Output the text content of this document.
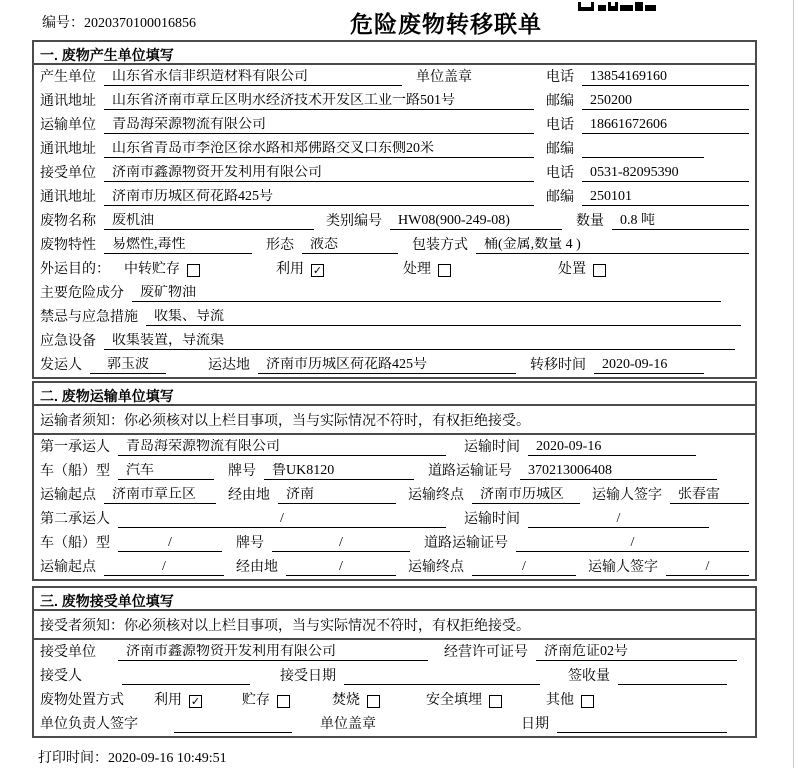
编号：2020370100016856	危险废物转移联单
一. 废物产生单位填写
产生单位	山东省永信非织造材料有限公司	单位盖章	电话	13854169160
通讯地址	山东省济南市章丘区明水经济技术开发区工业一路501号	邮编	250200
运输单位	青岛海荣源物流有限公司	电话	18661672606
通讯地址	山东省青岛市李沧区徐水路和郑佛路交叉口东侧20米	邮编
接受单位	济南市鑫源物资开发利用有限公司	电话	0531-82095390
通讯地址	济南市历城区荷花路425号	邮编	250101
废物名称	废机油	类别编号	HW08(900-249-08)	数量	0.8 吨
废物特性	易燃性,毒性	形态	液态	包装方式	桶(金属,数量 4 )
外运目的： 中转贮存	利用 ✓	处理	处置
主要危险成分	废矿物油
禁忌与应急措施	收集、导流
应急设备	收集装置，导流渠
发运人	郭玉波	运达地	济南市历城区荷花路425号	转移时间	2020-09-16
二. 废物运输单位填写
运输者须知：你必须核对以上栏目事项，当与实际情况不符时，有权拒绝接受。
第一承运人	青岛海荣源物流有限公司	运输时间	2020-09-16
车（船）型	汽车	牌号	鲁UK8120	道路运输证号	370213006408
运输起点	济南市章丘区	经由地	济南	运输终点	济南市历城区	运输人签字	张春雷
第二承运人	/	运输时间	/
车（船）型	/	牌号	/	道路运输证号	/
运输起点	/	经由地	/	运输终点	/	运输人签字	/
三. 废物接受单位填写
接受者须知：你必须核对以上栏目事项，当与实际情况不符时，有权拒绝接受。
接受单位	济南市鑫源物资开发利用有限公司	经营许可证号	济南危证02号
接受人	接受日期	签收量
废物处置方式 利用 ✓	贮存	焚烧	安全填埋	其他
单位负责人签字	单位盖章	日期
打印时间：2020-09-16 10:49:51
